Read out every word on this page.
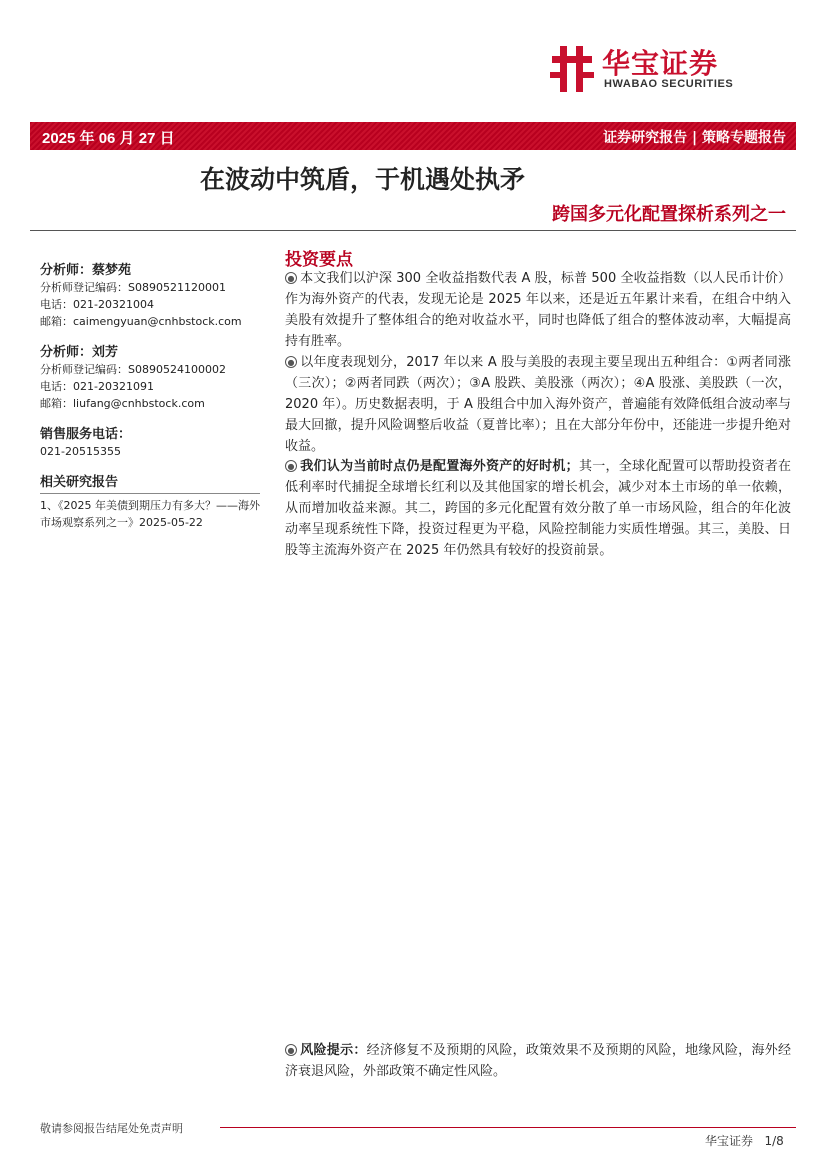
华宝证券
HWABAO SECURITIES
2025 年 06 月 27 日	证券研究报告 | 策略专题报告
在波动中筑盾，于机遇处执矛
跨国多元化配置探析系列之一
分析师：蔡梦苑
分析师登记编码：S0890521120001
电话：021-20321004
邮箱：caimengyuan@cnhbstock.com
分析师：刘芳
分析师登记编码：S0890524100002
电话：021-20321091
邮箱：liufang@cnhbstock.com
销售服务电话：
021-20515355
相关研究报告
1、《2025 年美债到期压力有多大？——海外市场观察系列之一》2025-05-22
投资要点
● 本文我们以沪深 300 全收益指数代表 A 股，标普 500 全收益指数（以人民币计价）作为海外资产的代表，发现无论是 2025 年以来，还是近五年累计来看，在组合中纳入美股有效提升了整体组合的绝对收益水平，同时也降低了组合的整体波动率，大幅提高持有胜率。
● 以年度表现划分，2017 年以来 A 股与美股的表现主要呈现出五种组合：①两者同涨（三次）；②两者同跌（两次）；③A 股跌、美股涨（两次）；④A 股涨、美股跌（一次，2020 年）。历史数据表明，于 A 股组合中加入海外资产，普遍能有效降低组合波动率与最大回撤，提升风险调整后收益（夏普比率）；且在大部分年份中，还能进一步提升绝对收益。
● 我们认为当前时点仍是配置海外资产的好时机；其一，全球化配置可以帮助投资者在低利率时代捕捉全球增长红利以及其他国家的增长机会，减少对本土市场的单一依赖，从而增加收益来源。其二，跨国的多元化配置有效分散了单一市场风险，组合的年化波动率呈现系统性下降，投资过程更为平稳，风险控制能力实质性增强。其三，美股、日股等主流海外资产在 2025 年仍然具有较好的投资前景。
● 风险提示：经济修复不及预期的风险，政策效果不及预期的风险，地缘风险，海外经济衰退风险，外部政策不确定性风险。
敬请参阅报告结尾处免责声明
华宝证券 1/8
